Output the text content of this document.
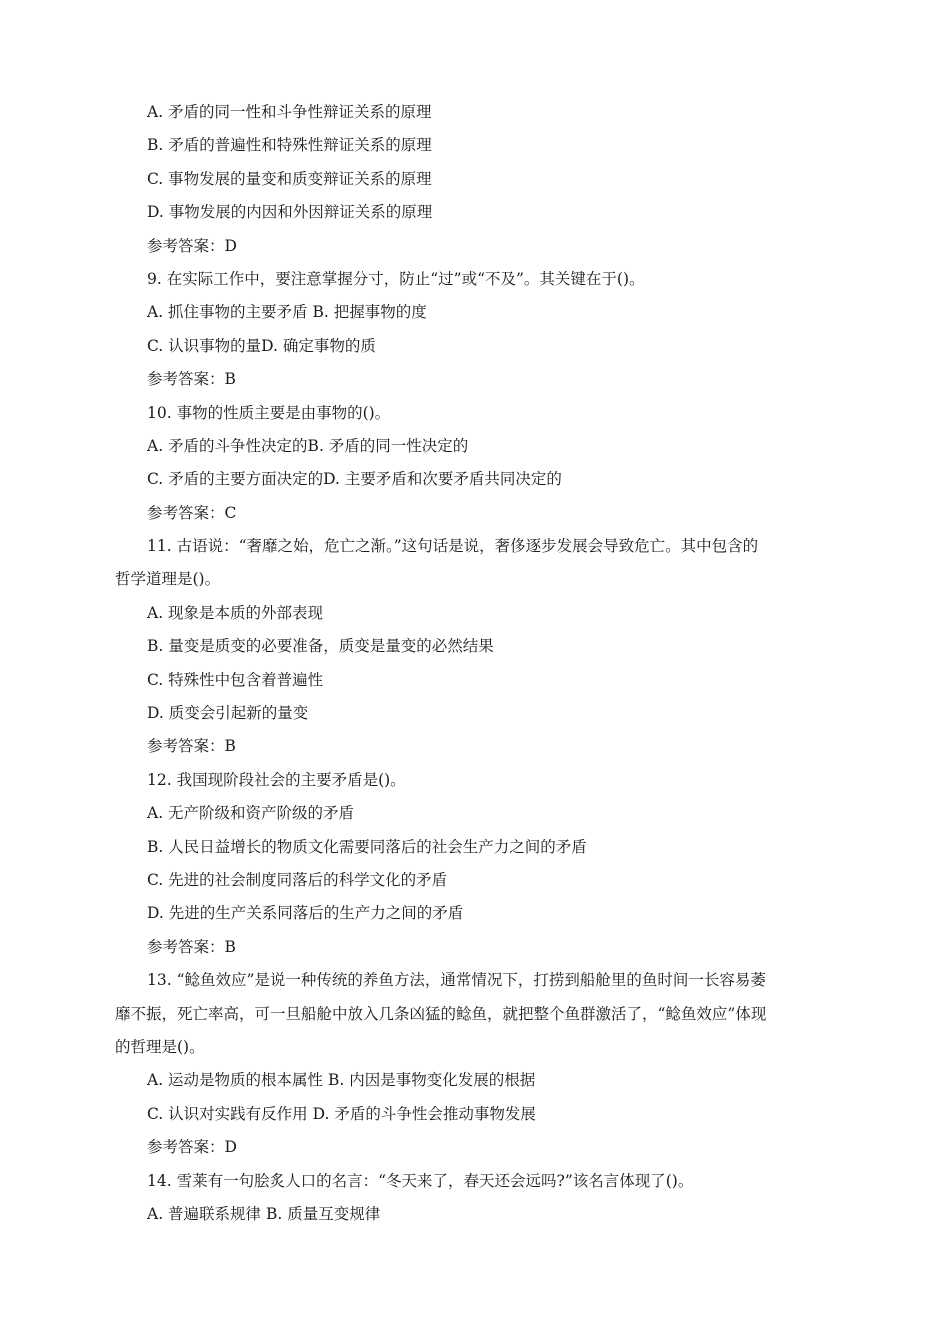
A. 矛盾的同一性和斗争性辩证关系的原理
B. 矛盾的普遍性和特殊性辩证关系的原理
C. 事物发展的量变和质变辩证关系的原理
D. 事物发展的内因和外因辩证关系的原理
参考答案：D
9. 在实际工作中，要注意掌握分寸，防止“过”或“不及”。其关键在于()。
A. 抓住事物的主要矛盾 B. 把握事物的度
C. 认识事物的量D. 确定事物的质
参考答案：B
10. 事物的性质主要是由事物的()。
A. 矛盾的斗争性决定的B. 矛盾的同一性决定的
C. 矛盾的主要方面决定的D. 主要矛盾和次要矛盾共同决定的
参考答案：C
11. 古语说：“奢靡之始，危亡之渐。”这句话是说，奢侈逐步发展会导致危亡。其中包含的
哲学道理是()。
A. 现象是本质的外部表现
B. 量变是质变的必要准备，质变是量变的必然结果
C. 特殊性中包含着普遍性
D. 质变会引起新的量变
参考答案：B
12. 我国现阶段社会的主要矛盾是()。
A. 无产阶级和资产阶级的矛盾
B. 人民日益增长的物质文化需要同落后的社会生产力之间的矛盾
C. 先进的社会制度同落后的科学文化的矛盾
D. 先进的生产关系同落后的生产力之间的矛盾
参考答案：B
13. “鲶鱼效应”是说一种传统的养鱼方法，通常情况下，打捞到船舱里的鱼时间一长容易萎
靡不振，死亡率高，可一旦船舱中放入几条凶猛的鲶鱼，就把整个鱼群激活了，“鲶鱼效应”体现
的哲理是()。
A. 运动是物质的根本属性 B. 内因是事物变化发展的根据
C. 认识对实践有反作用 D. 矛盾的斗争性会推动事物发展
参考答案：D
14. 雪莱有一句脍炙人口的名言：“冬天来了，春天还会远吗?”该名言体现了()。
A. 普遍联系规律 B. 质量互变规律
